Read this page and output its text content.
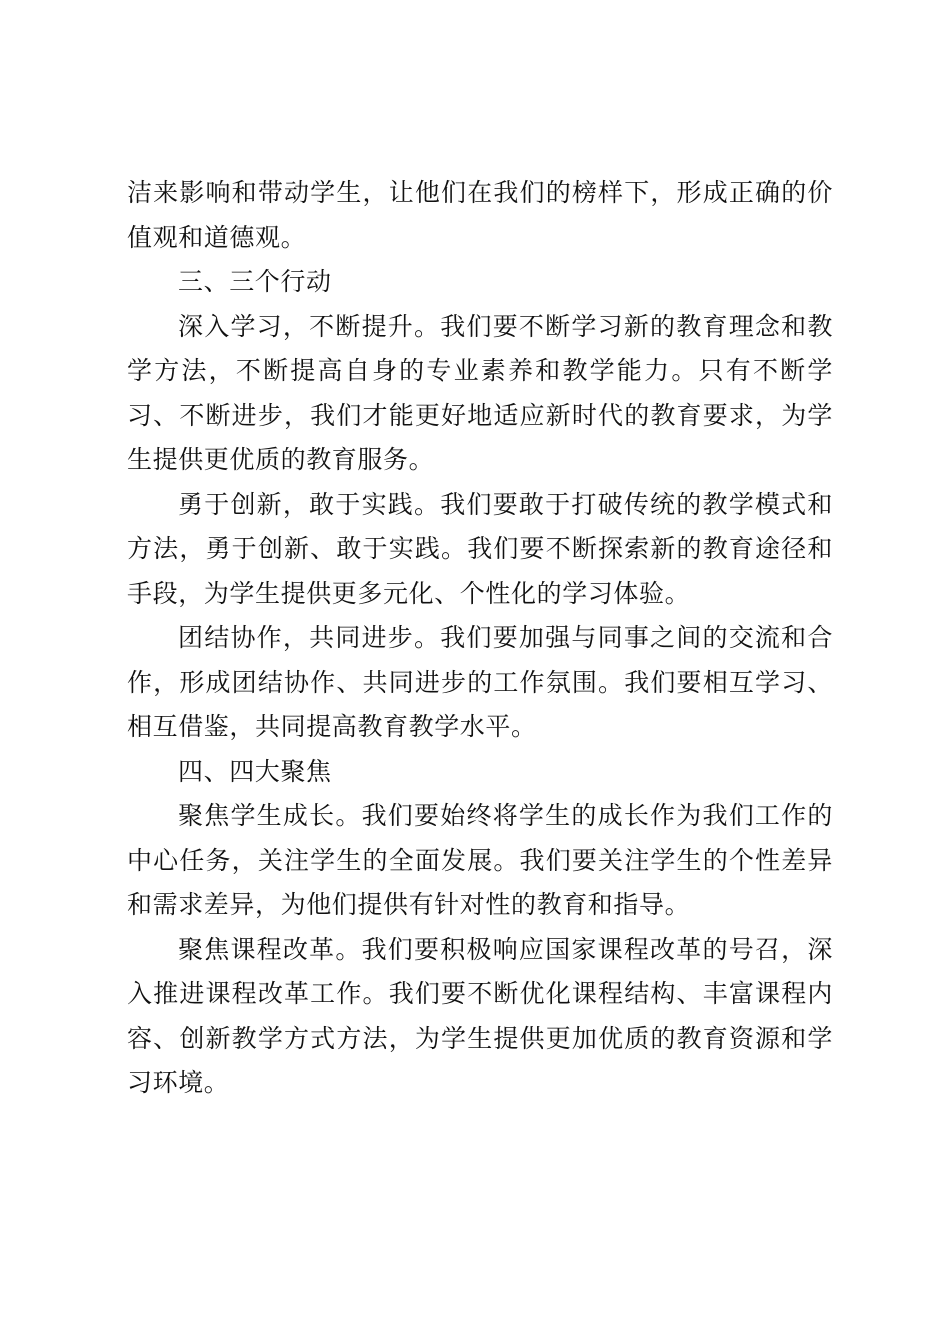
洁来影响和带动学生，让他们在我们的榜样下，形成正确的价值观和道德观。

三、三个行动

深入学习，不断提升。我们要不断学习新的教育理念和教学方法，不断提高自身的专业素养和教学能力。只有不断学习、不断进步，我们才能更好地适应新时代的教育要求，为学生提供更优质的教育服务。

勇于创新，敢于实践。我们要敢于打破传统的教学模式和方法，勇于创新、敢于实践。我们要不断探索新的教育途径和手段，为学生提供更多元化、个性化的学习体验。

团结协作，共同进步。我们要加强与同事之间的交流和合作，形成团结协作、共同进步的工作氛围。我们要相互学习、相互借鉴，共同提高教育教学水平。

四、四大聚焦

聚焦学生成长。我们要始终将学生的成长作为我们工作的中心任务，关注学生的全面发展。我们要关注学生的个性差异和需求差异，为他们提供有针对性的教育和指导。

聚焦课程改革。我们要积极响应国家课程改革的号召，深入推进课程改革工作。我们要不断优化课程结构、丰富课程内容、创新教学方式方法，为学生提供更加优质的教育资源和学习环境。
